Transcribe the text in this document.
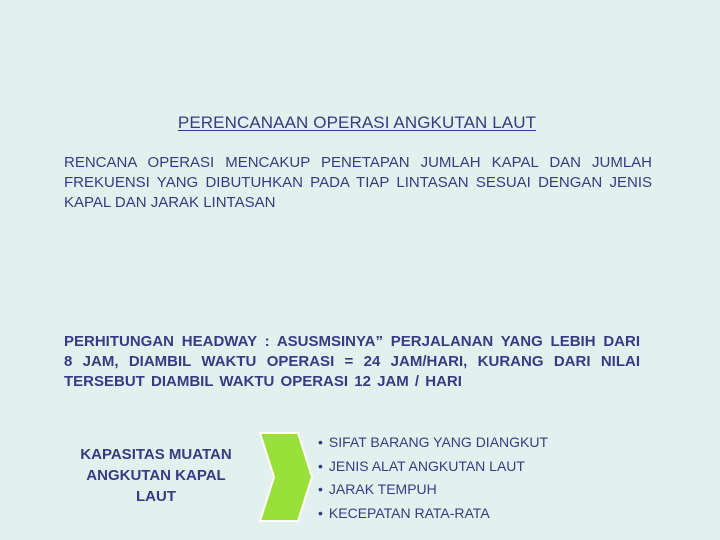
PERENCANAAN OPERASI ANGKUTAN LAUT
RENCANA OPERASI MENCAKUP PENETAPAN JUMLAH KAPAL DAN JUMLAH FREKUENSI YANG DIBUTUHKAN PADA TIAP LINTASAN SESUAI DENGAN JENIS KAPAL DAN JARAK LINTASAN
PERHITUNGAN HEADWAY : ASUSMSINYA” PERJALANAN YANG LEBIH DARI 8 JAM, DIAMBIL WAKTU OPERASI = 24 JAM/HARI, KURANG DARI NILAI TERSEBUT DIAMBIL WAKTU OPERASI 12 JAM / HARI
KAPASITAS MUATAN
ANGKUTAN KAPAL
LAUT
• SIFAT BARANG YANG DIANGKUT
• JENIS ALAT ANGKUTAN LAUT
• JARAK TEMPUH
• KECEPATAN RATA-RATA
